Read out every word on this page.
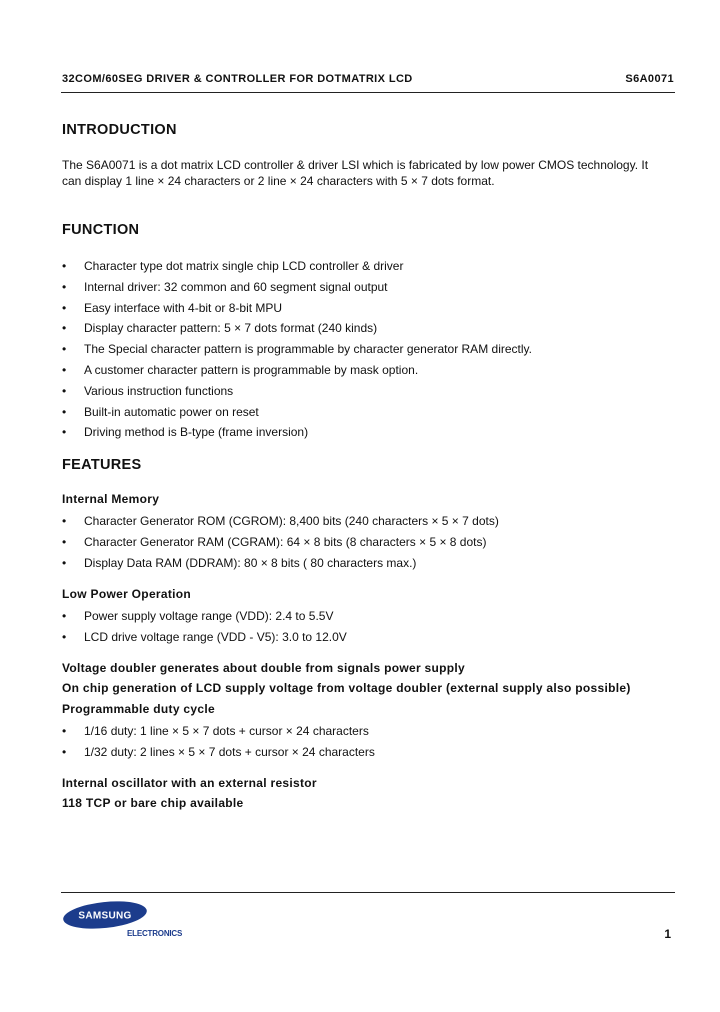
32COM/60SEG DRIVER & CONTROLLER FOR DOTMATRIX LCD	S6A0071
INTRODUCTION

The S6A0071 is a dot matrix LCD controller & driver LSI which is fabricated by low power CMOS technology. It

can display 1 line × 24 characters or 2 line × 24 characters with 5 × 7 dots format.

FUNCTION
• Character type dot matrix single chip LCD controller & driver
• Internal driver: 32 common and 60 segment signal output
• Easy interface with 4-bit or 8-bit MPU
• Display character pattern: 5 × 7 dots format (240 kinds)
• The Special character pattern is programmable by character generator RAM directly.
• A customer character pattern is programmable by mask option.
• Various instruction functions
• Built-in automatic power on reset
• Driving method is B-type (frame inversion)
FEATURES
Internal Memory
• Character Generator ROM (CGROM): 8,400 bits (240 characters × 5 × 7 dots)
• Character Generator RAM (CGRAM): 64 × 8 bits (8 characters × 5 × 8 dots)
• Display Data RAM (DDRAM): 80 × 8 bits ( 80 characters max.)
Low Power Operation
• Power supply voltage range (VDD): 2.4 to 5.5V
• LCD drive voltage range (VDD - V5): 3.0 to 12.0V
Voltage doubler generates about double from signals power supply
On chip generation of LCD supply voltage from voltage doubler (external supply also possible)
Programmable duty cycle
• 1/16 duty: 1 line × 5 × 7 dots + cursor × 24 characters
• 1/32 duty: 2 lines × 5 × 7 dots + cursor × 24 characters
Internal oscillator with an external resistor
118 TCP or bare chip available
SAMSUNG
ELECTRONICS	1
